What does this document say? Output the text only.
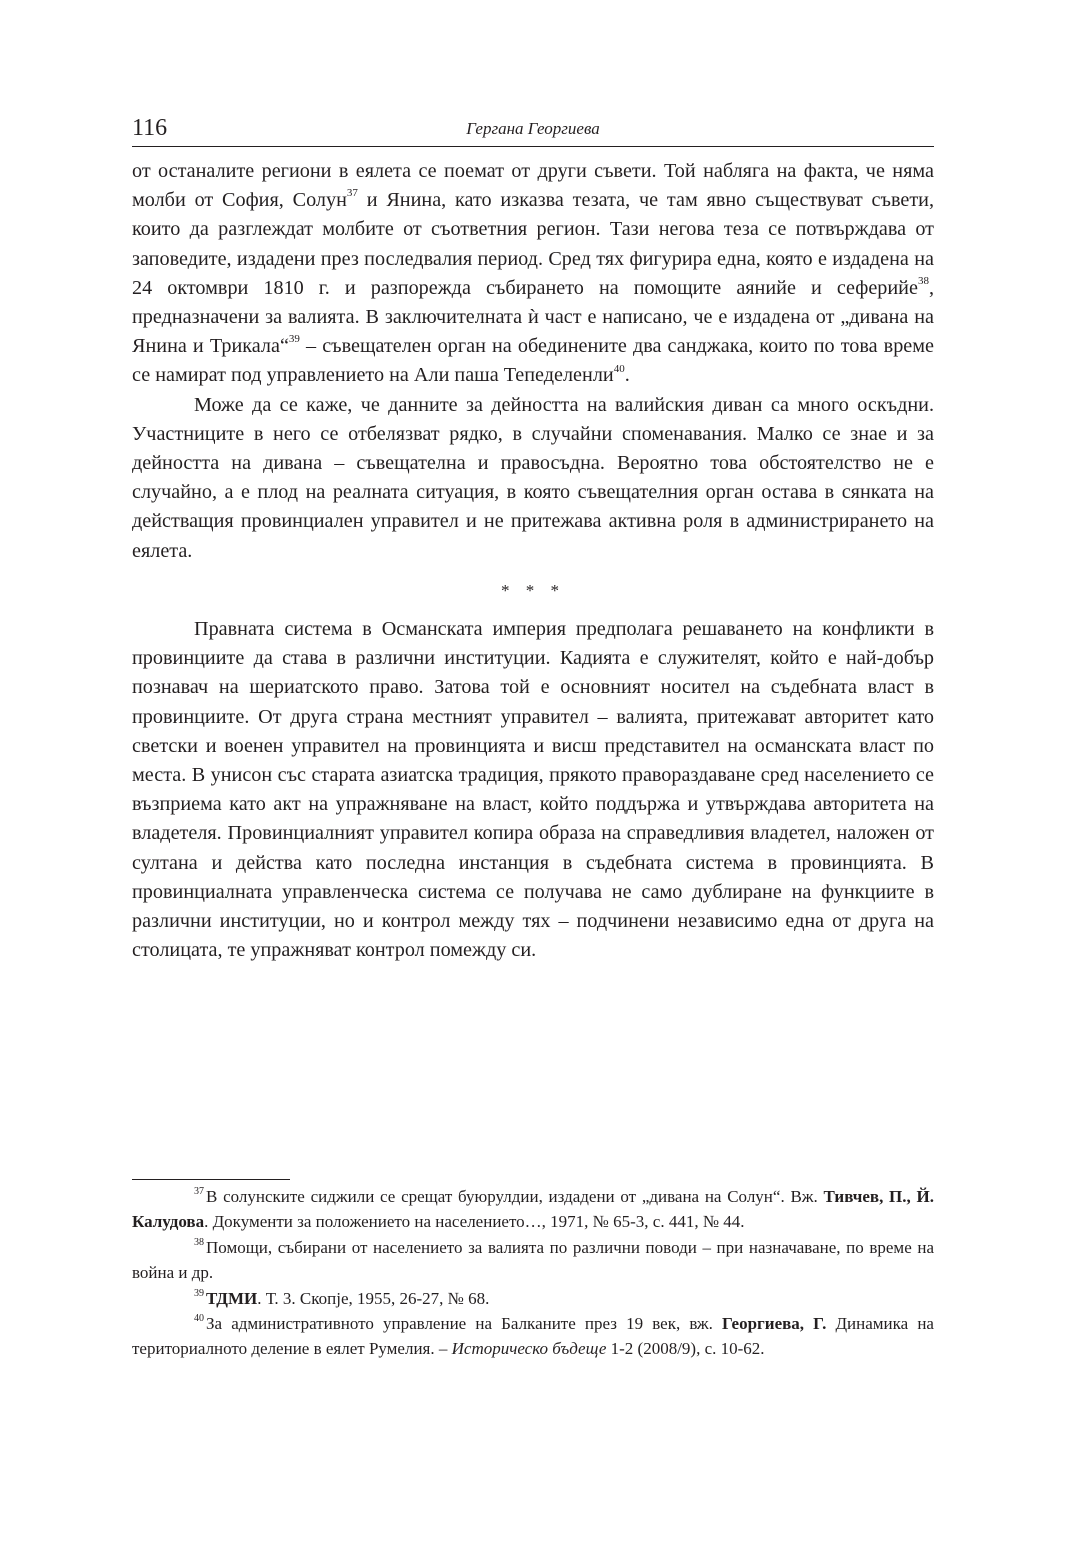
116	Гергана Георгиева

от останалите региони в еялета се поемат от други съвети. Той набляга на факта, че няма молби от София, Солун$^{37}$ и Янина, като изказва тезата, че там явно съществуват съвети, които да разглеждат молбите от съответния регион. Тази негова теза се потвърждава от заповедите, издадени през последвалия период. Сред тях фигурира една, която е издадена на 24 октомври 1810 г. и разпорежда събирането на помощите аянийе и сеферийе$^{38}$, предназначени за валията. В заключителната ѝ част е написано, че е издадена от „дивана на Янина и Трикала“$^{39}$ – съвещателен орган на обединените два санджака, които по това време се намират под управлението на Али паша Тепеделенли$^{40}$.

Може да се каже, че данните за дейността на валийския диван са много оскъдни. Участниците в него се отбелязват рядко, в случайни споменавания. Малко се знае и за дейността на дивана – съвещателна и правосъдна. Вероятно това обстоятелство не е случайно, а е плод на реалната ситуация, в която съвещателния орган остава в сянката на действащия провинциален управител и не притежава активна роля в администрирането на еялета.

* * *

Правната система в Османската империя предполага решаването на конфликти в провинциите да става в различни институции. Кадията е служителят, който е най-добър познавач на шериатското право. Затова той е основният носител на съдебната власт в провинциите. От друга страна местният управител – валията, притежават авторитет като светски и военен управител на провинцията и висш представител на османската власт по места. В унисон със старата азиатска традиция, прякото правораздаване сред населението се възприема като акт на упражняване на власт, който поддържа и утвърждава авторитета на владетеля. Провинциалният управител копира образа на справедливия владетел, наложен от султана и действа като последна инстанция в съдебната система в провинцията. В провинциалната управленческа система се получава не само дублиране на функциите в различни институции, но и контрол между тях – подчинени независимо една от друга на столицата, те упражняват контрол помежду си.

$^{37}$ В солунските сиджили се срещат буюрулдии, издадени от „дивана на Солун“. Вж. Тивчев, П., Й. Калудова. Документи за положението на населението…, 1971, № 65-3, с. 441, № 44.

$^{38}$ Помощи, събирани от населението за валията по различни поводи – при назначаване, по време на война и др.

$^{39}$ ТДМИ. Т. 3. Скопје, 1955, 26-27, № 68.

$^{40}$ За административното управление на Балканите през 19 век, вж. Георгиева, Г. Динамика на териториалното деление в еялет Румелия. – Историческо бъдеще 1-2 (2008/9), с. 10-62.
